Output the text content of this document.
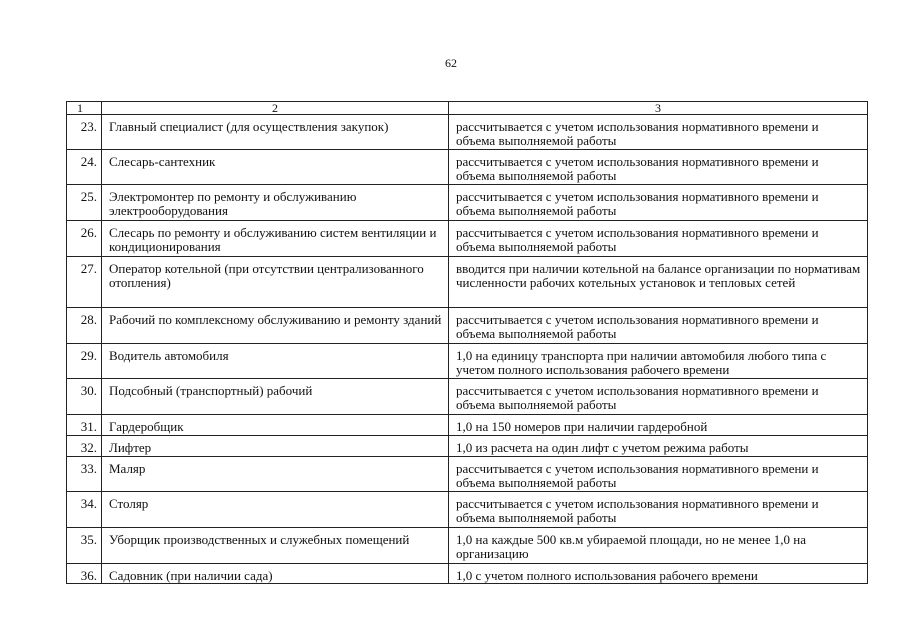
62
1	2	3
23.	Главный специалист (для осуществления закупок)	рассчитывается с учетом использования нормативного времени и объема выполняемой работы
24.	Слесарь-сантехник	рассчитывается с учетом использования нормативного времени и объема выполняемой работы
25.	Электромонтер по ремонту и обслуживанию электрооборудования	рассчитывается с учетом использования нормативного времени и объема выполняемой работы
26.	Слесарь по ремонту и обслуживанию систем вентиляции и кондиционирования	рассчитывается с учетом использования нормативного времени и объема выполняемой работы
27.	Оператор котельной (при отсутствии централизованного отопления)	вводится при наличии котельной на балансе организации по нормативам численности рабочих котельных установок и тепловых сетей
28.	Рабочий по комплексному обслуживанию и ремонту зданий	рассчитывается с учетом использования нормативного времени и объема выполняемой работы
29.	Водитель автомобиля	1,0 на единицу транспорта при наличии автомобиля любого типа с учетом полного использования рабочего времени
30.	Подсобный (транспортный) рабочий	рассчитывается с учетом использования нормативного времени и объема выполняемой работы
31.	Гардеробщик	1,0 на 150 номеров при наличии гардеробной
32.	Лифтер	1,0 из расчета на один лифт с учетом режима работы
33.	Маляр	рассчитывается с учетом использования нормативного времени и объема выполняемой работы
34.	Столяр	рассчитывается с учетом использования нормативного времени и объема выполняемой работы
35.	Уборщик производственных и служебных помещений	1,0 на каждые 500 кв.м убираемой площади, но не менее 1,0 на организацию
36.	Садовник (при наличии сада)	1,0 с учетом полного использования рабочего времени
